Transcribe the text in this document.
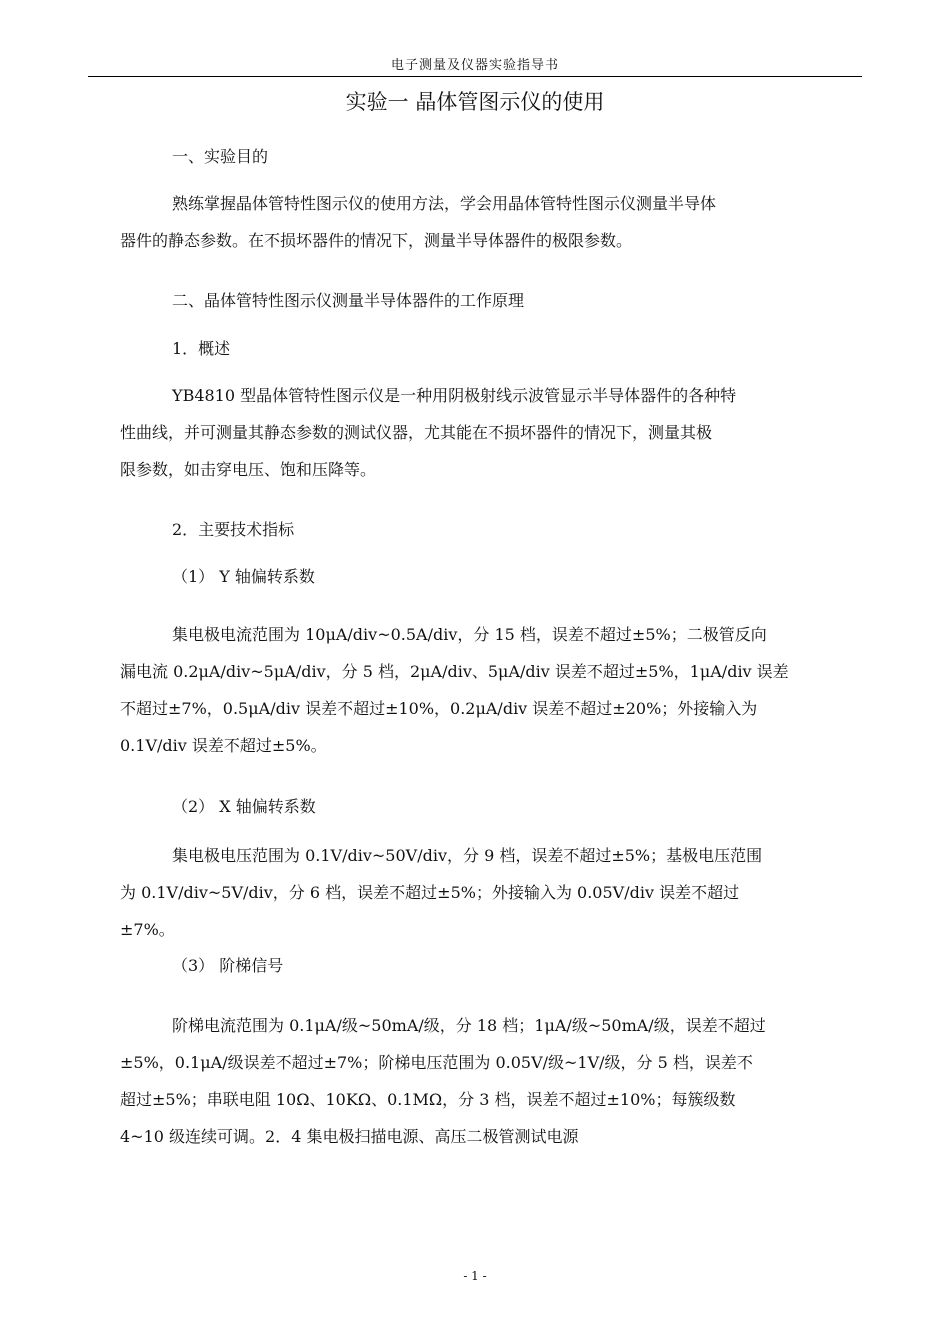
电子测量及仪器实验指导书
实验一 晶体管图示仪的使用
一、实验目的
熟练掌握晶体管特性图示仪的使用方法，学会用晶体管特性图示仪测量半导体
器件的静态参数。在不损坏器件的情况下，测量半导体器件的极限参数。
二、晶体管特性图示仪测量半导体器件的工作原理
1．概述
YB4810 型晶体管特性图示仪是一种用阴极射线示波管显示半导体器件的各种特
性曲线，并可测量其静态参数的测试仪器，尤其能在不损坏器件的情况下，测量其极
限参数，如击穿电压、饱和压降等。
2．主要技术指标
（1） Y 轴偏转系数
集电极电流范围为 10μA/div~0.5A/div，分 15 档，误差不超过±5%；二极管反向
漏电流 0.2μA/div~5μA/div，分 5 档，2μA/div、5μA/div 误差不超过±5%，1μA/div 误差
不超过±7%，0.5μA/div 误差不超过±10%，0.2μA/div 误差不超过±20%；外接输入为
0.1V/div 误差不超过±5%。
（2） X 轴偏转系数
集电极电压范围为 0.1V/div~50V/div，分 9 档，误差不超过±5%；基极电压范围
为 0.1V/div~5V/div，分 6 档，误差不超过±5%；外接输入为 0.05V/div 误差不超过
±7%。
（3） 阶梯信号
阶梯电流范围为 0.1μA/级~50mA/级，分 18 档；1μA/级~50mA/级，误差不超过
±5%，0.1μA/级误差不超过±7%；阶梯电压范围为 0.05V/级~1V/级，分 5 档，误差不
超过±5%；串联电阻 10Ω、10KΩ、0.1MΩ，分 3 档，误差不超过±10%；每簇级数
4~10 级连续可调。2．4 集电极扫描电源、高压二极管测试电源
- 1 -
